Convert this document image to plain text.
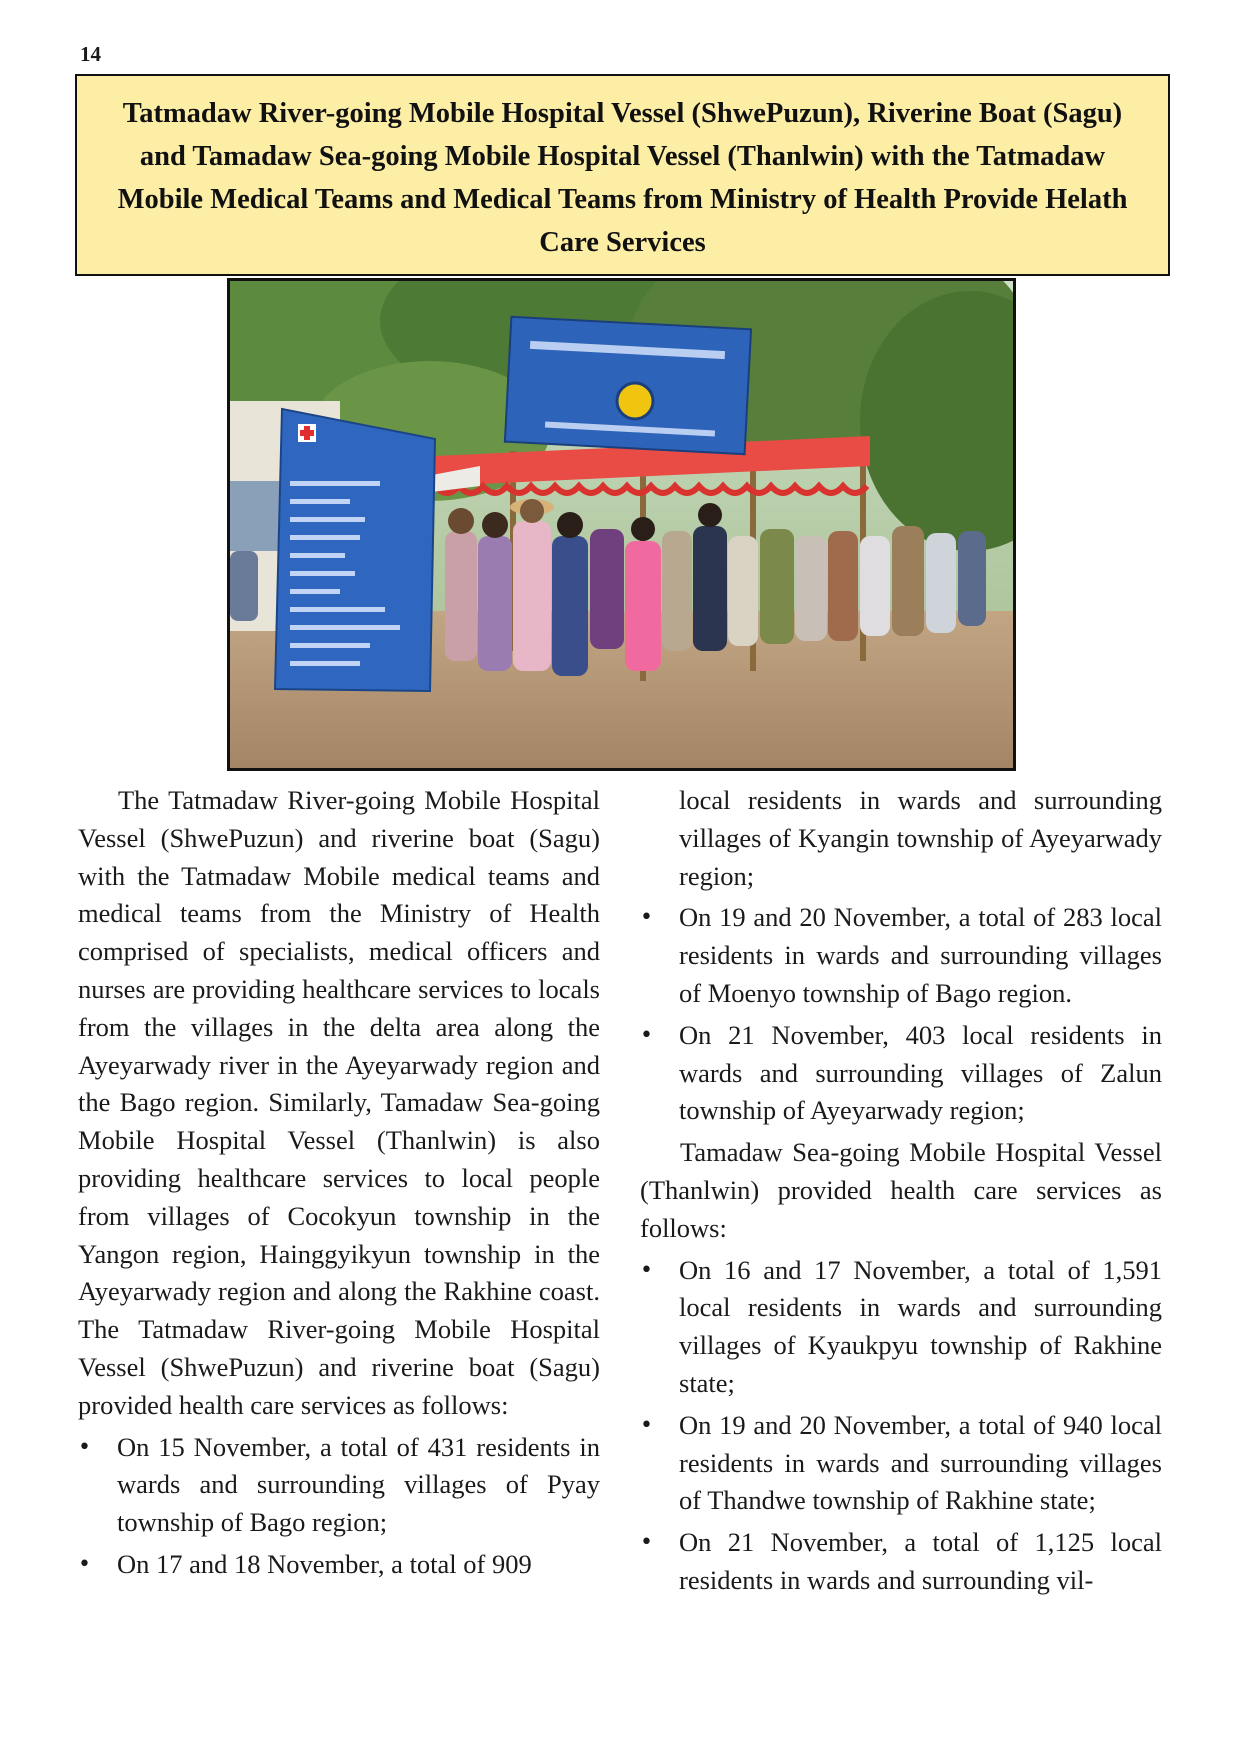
14
Tatmadaw River-going Mobile Hospital Vessel (ShwePuzun), Riverine Boat (Sagu) and Tamadaw Sea-going Mobile Hospital Vessel (Thanlwin) with the Tatmadaw Mobile Medical Teams and Medical Teams from Ministry of Health Provide Helath Care Services

The Tatmadaw River-going Mobile Hospital Vessel (ShwePuzun) and riverine boat (Sagu) with the Tatmadaw Mobile medical teams and medical teams from the Ministry of Health comprised of specialists, medical officers and nurses are providing healthcare services to locals from the villages in the delta area along the Ayeyarwady river in the Ayeyarwady region and the Bago region. Similarly, Tamadaw Sea-going Mobile Hospital Vessel (Thanlwin) is also providing healthcare services to local people from villages of Cocokyun township in the Yangon region, Hainggyikyun township in the Ayeyarwady region and along the Rakhine coast. The Tatmadaw River-going Mobile Hospital Vessel (ShwePuzun) and riverine boat (Sagu) provided health care services as follows:

• On 15 November, a total of 431 residents in wards and surrounding villages of Pyay township of Bago region;
• On 17 and 18 November, a total of 909

local residents in wards and surrounding villages of Kyangin township of Ayeyarwady region;

• On 19 and 20 November, a total of 283 local residents in wards and surrounding villages of Moenyo township of Bago region.
• On 21 November, 403 local residents in wards and surrounding villages of Zalun township of Ayeyarwady region;

Tamadaw Sea-going Mobile Hospital Vessel (Thanlwin) provided health care services as follows:

• On 16 and 17 November, a total of 1,591 local residents in wards and surrounding villages of Kyaukpyu township of Rakhine state;
• On 19 and 20 November, a total of 940 local residents in wards and surrounding villages of Thandwe township of Rakhine state;
• On 21 November, a total of 1,125 local residents in wards and surrounding vil-
